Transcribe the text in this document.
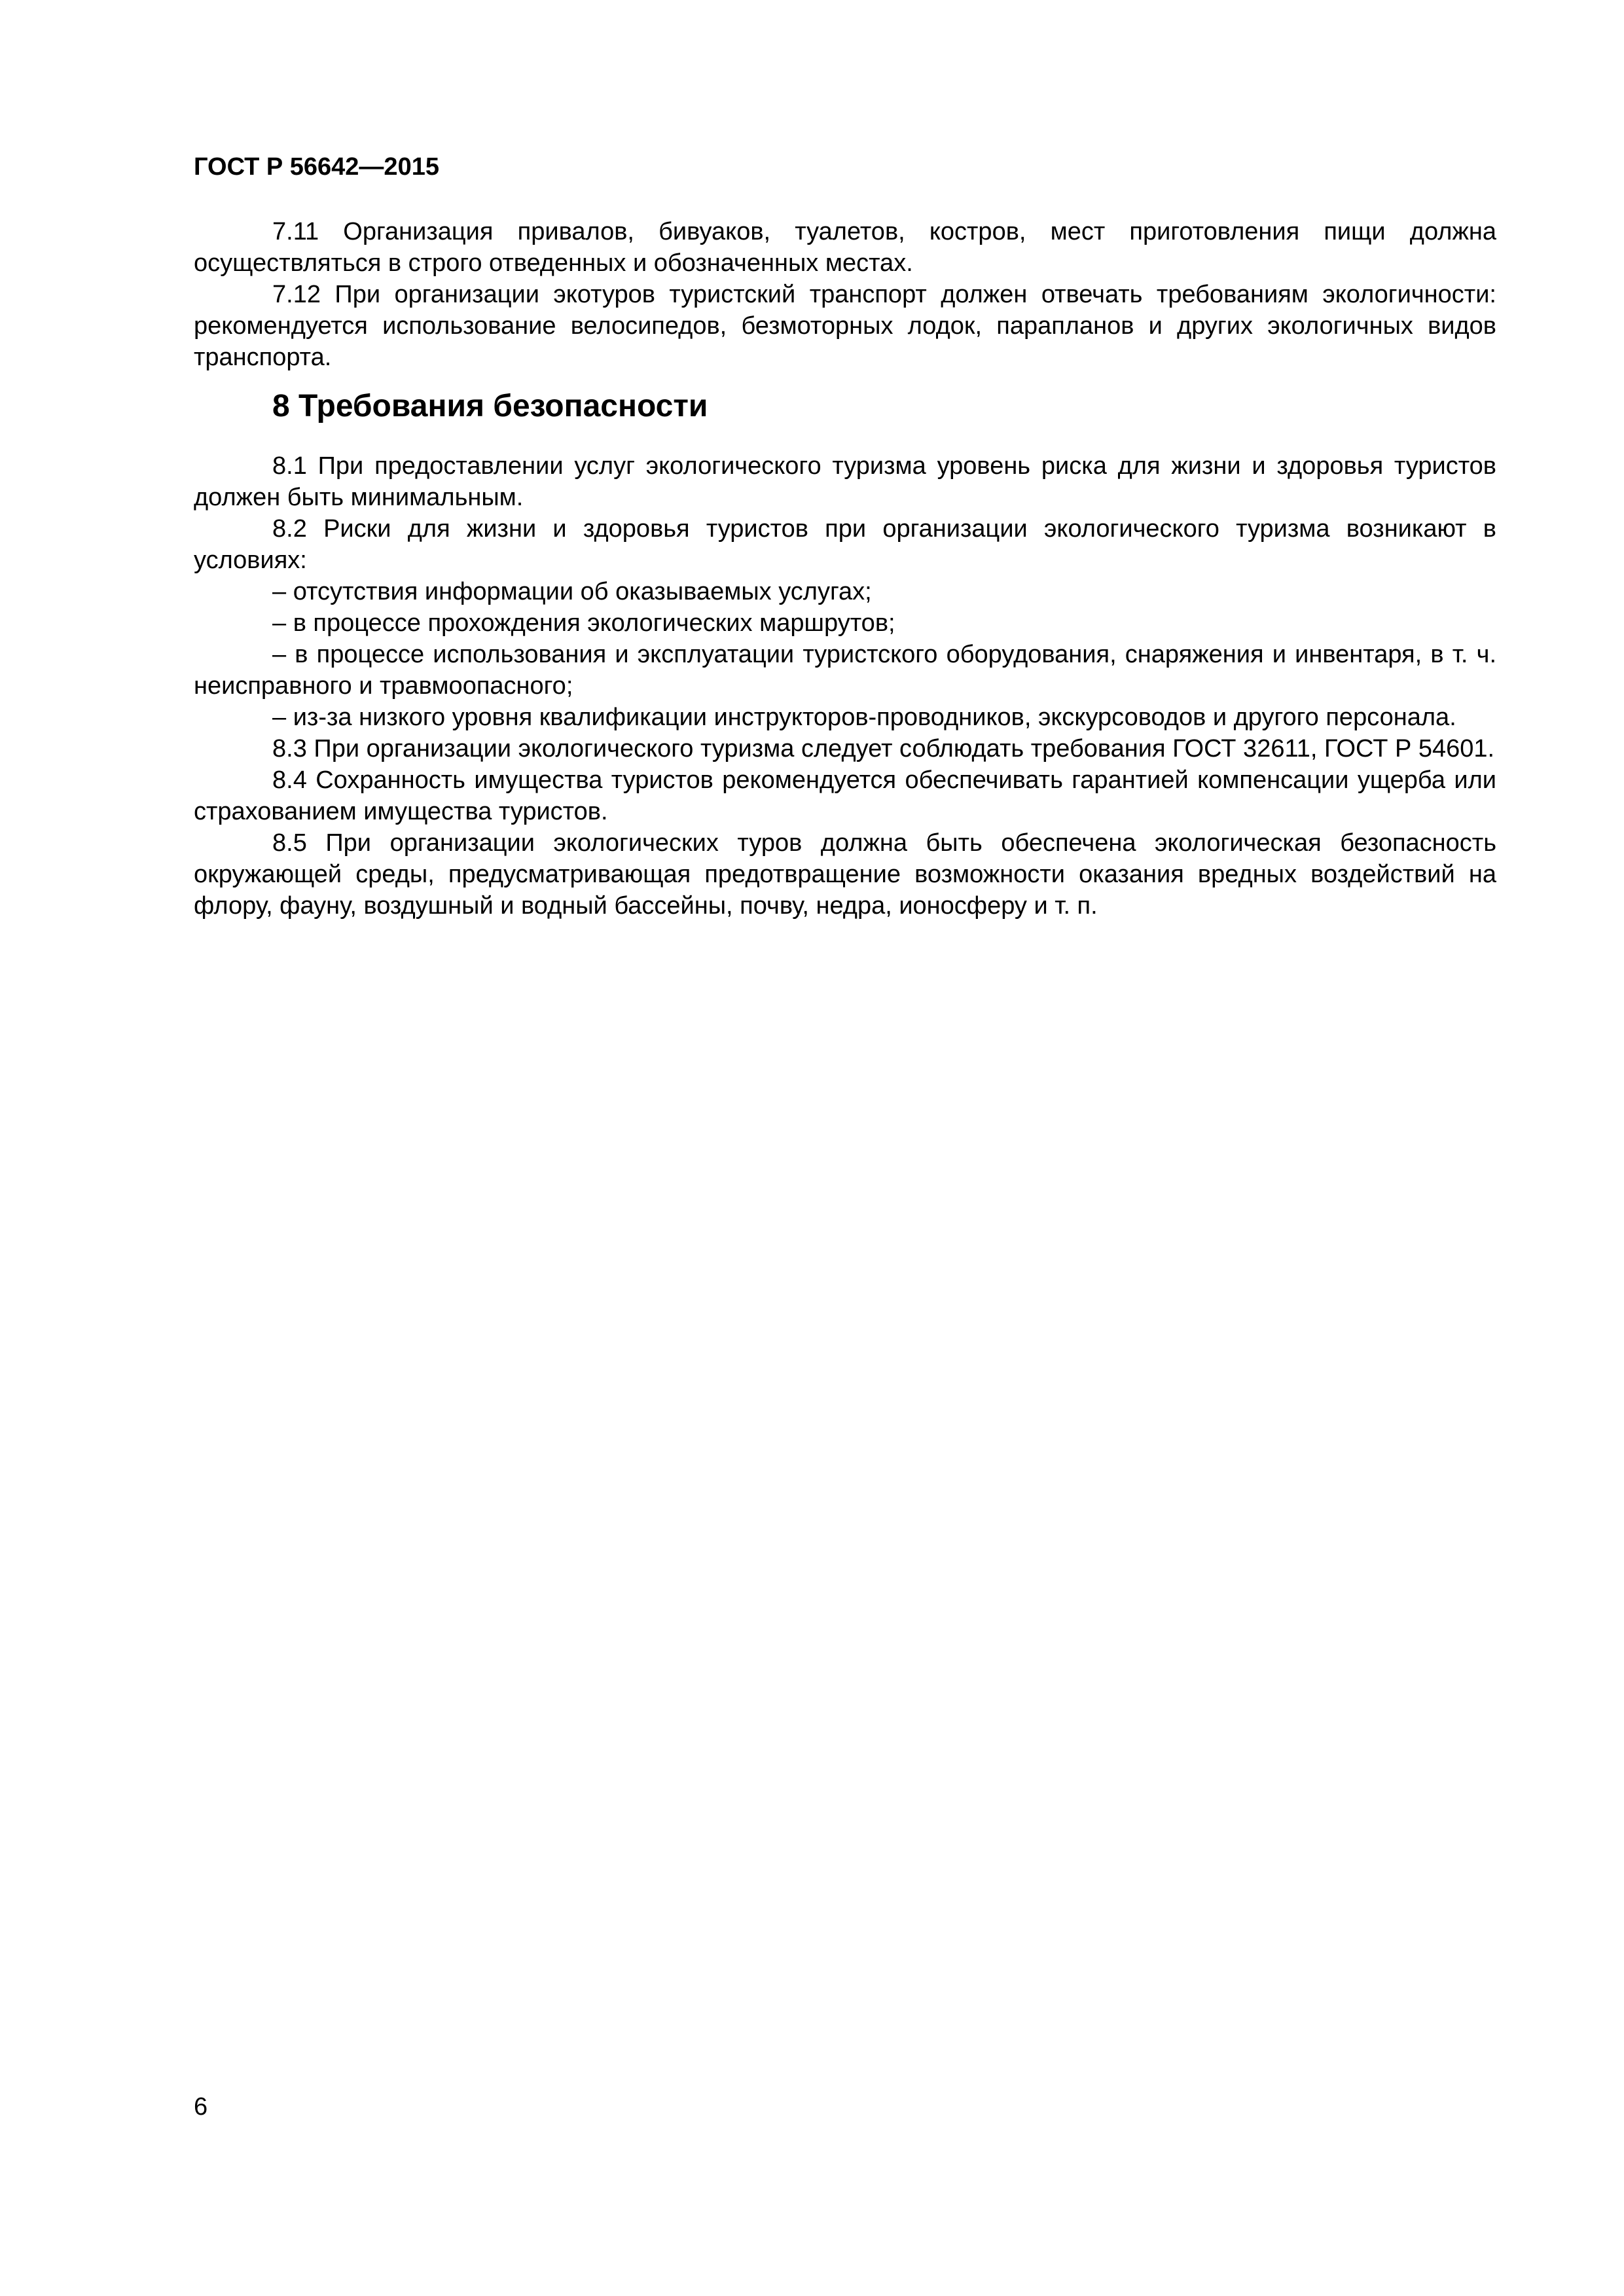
ГОСТ Р 56642—2015

7.11 Организация привалов, бивуаков, туалетов, костров, мест приготовления пищи должна осуществляться в строго отведенных и обозначенных местах.

7.12 При организации экотуров туристский транспорт должен отвечать требованиям экологичности: рекомендуется использование велосипедов, безмоторных лодок, парапланов и других экологичных видов транспорта.

8 Требования безопасности

8.1 При предоставлении услуг экологического туризма уровень риска для жизни и здоровья туристов должен быть минимальным.

8.2 Риски для жизни и здоровья туристов при организации экологического туризма возникают в условиях:

– отсутствия информации об оказываемых услугах;

– в процессе прохождения экологических маршрутов;

– в процессе использования и эксплуатации туристского оборудования, снаряжения и инвентаря, в т. ч. неисправного и травмоопасного;

– из-за низкого уровня квалификации инструкторов-проводников, экскурсоводов и другого персонала.

8.3 При организации экологического туризма следует соблюдать требования ГОСТ 32611, ГОСТ Р 54601.

8.4 Сохранность имущества туристов рекомендуется обеспечивать гарантией компенсации ущерба или страхованием имущества туристов.

8.5 При организации экологических туров должна быть обеспечена экологическая безопасность окружающей среды, предусматривающая предотвращение возможности оказания вредных воздействий на флору, фауну, воздушный и водный бассейны, почву, недра, ионосферу и т. п.

6
